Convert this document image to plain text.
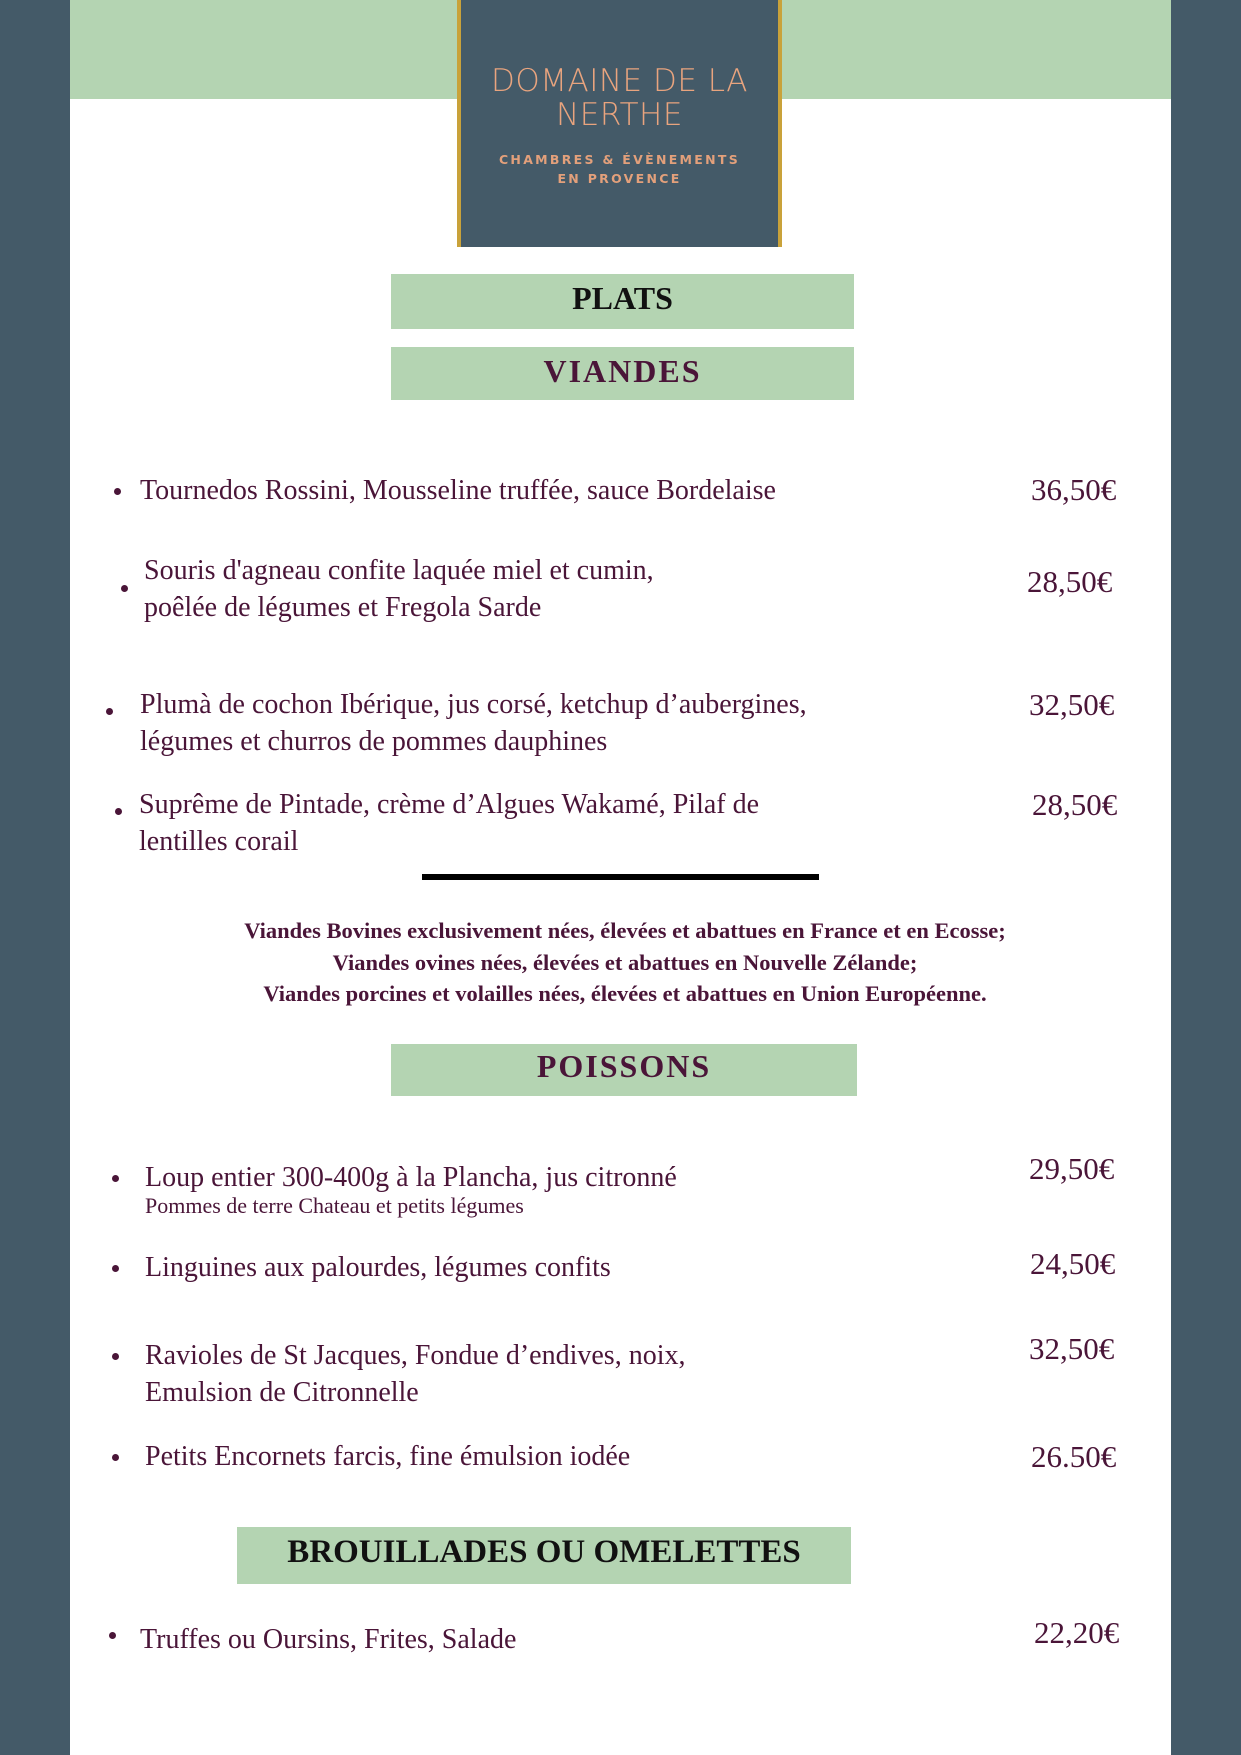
DOMAINE DE LA
NERTHE
CHAMBRES & ÉVÈNEMENTS
EN PROVENCE
PLATS
VIANDES
Tournedos Rossini, Mousseline truffée, sauce Bordelaise	36,50€
Souris d'agneau confite laquée miel et cumin,
poêlée de légumes et Fregola Sarde
28,50€
Plumà de cochon Ibérique, jus corsé, ketchup d’aubergines,
légumes et churros de pommes dauphines
32,50€
Suprême de Pintade, crème d’Algues Wakamé, Pilaf de
lentilles corail
28,50€
Viandes Bovines exclusivement nées, élevées et abattues en France et en Ecosse;
Viandes ovines nées, élevées et abattues en Nouvelle Zélande;
Viandes porcines et volailles nées, élevées et abattues en Union Européenne.
POISSONS
Loup entier 300-400g à la Plancha, jus citronné
Pommes de terre Chateau et petits légumes
29,50€
Linguines aux palourdes, légumes confits	24,50€
Ravioles de St Jacques, Fondue d’endives, noix,
Emulsion de Citronnelle
32,50€
Petits Encornets farcis, fine émulsion iodée	26.50€
BROUILLADES OU OMELETTES
Truffes ou Oursins, Frites, Salade	22,20€
